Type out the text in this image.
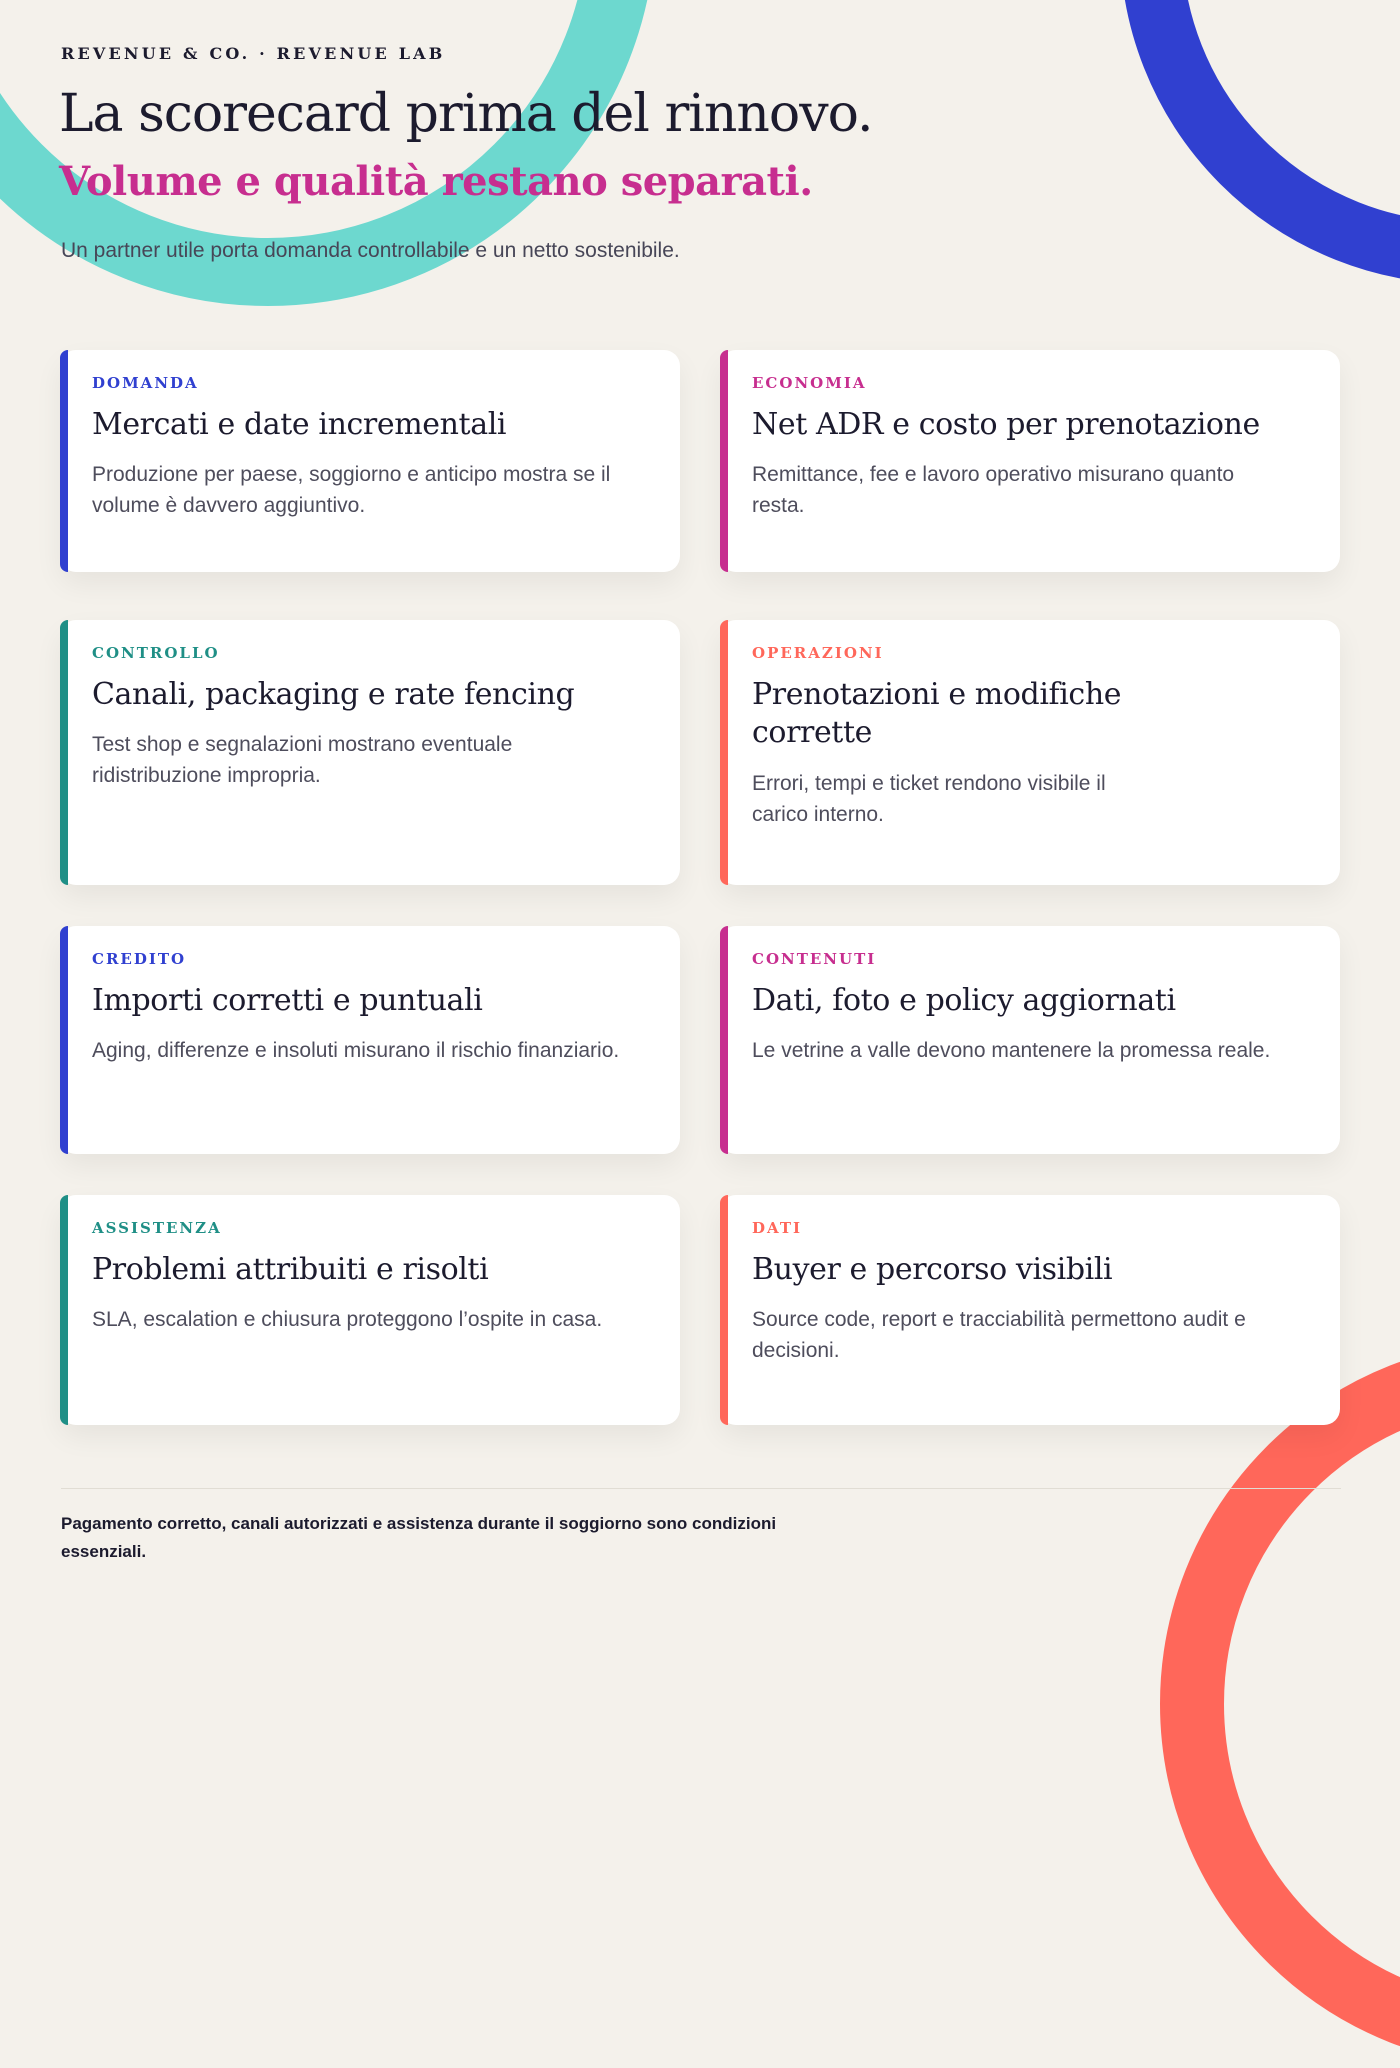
REVENUE & CO. · REVENUE LAB

La scorecard prima del rinnovo.
Volume e qualità restano separati.

Un partner utile porta domanda controllabile e un netto sostenibile.

DOMANDA

Mercati e date incrementali

Produzione per paese, soggiorno e anticipo mostra se il volume è davvero aggiuntivo.

ECONOMIA

Net ADR e costo per prenotazione

Remittance, fee e lavoro operativo misurano quanto resta.

CONTROLLO

Canali, packaging e rate fencing

Test shop e segnalazioni mostrano eventuale ridistribuzione impropria.

OPERAZIONI

Prenotazioni e modifiche corrette

Errori, tempi e ticket rendono visibile il carico interno.

CREDITO

Importi corretti e puntuali

Aging, differenze e insoluti misurano il rischio finanziario.

CONTENUTI

Dati, foto e policy aggiornati

Le vetrine a valle devono mantenere la promessa reale.

ASSISTENZA

Problemi attribuiti e risolti

SLA, escalation e chiusura proteggono l’ospite in casa.

DATI

Buyer e percorso visibili

Source code, report e tracciabilità permettono audit e decisioni.

Pagamento corretto, canali autorizzati e assistenza durante il soggiorno sono condizioni essenziali.
